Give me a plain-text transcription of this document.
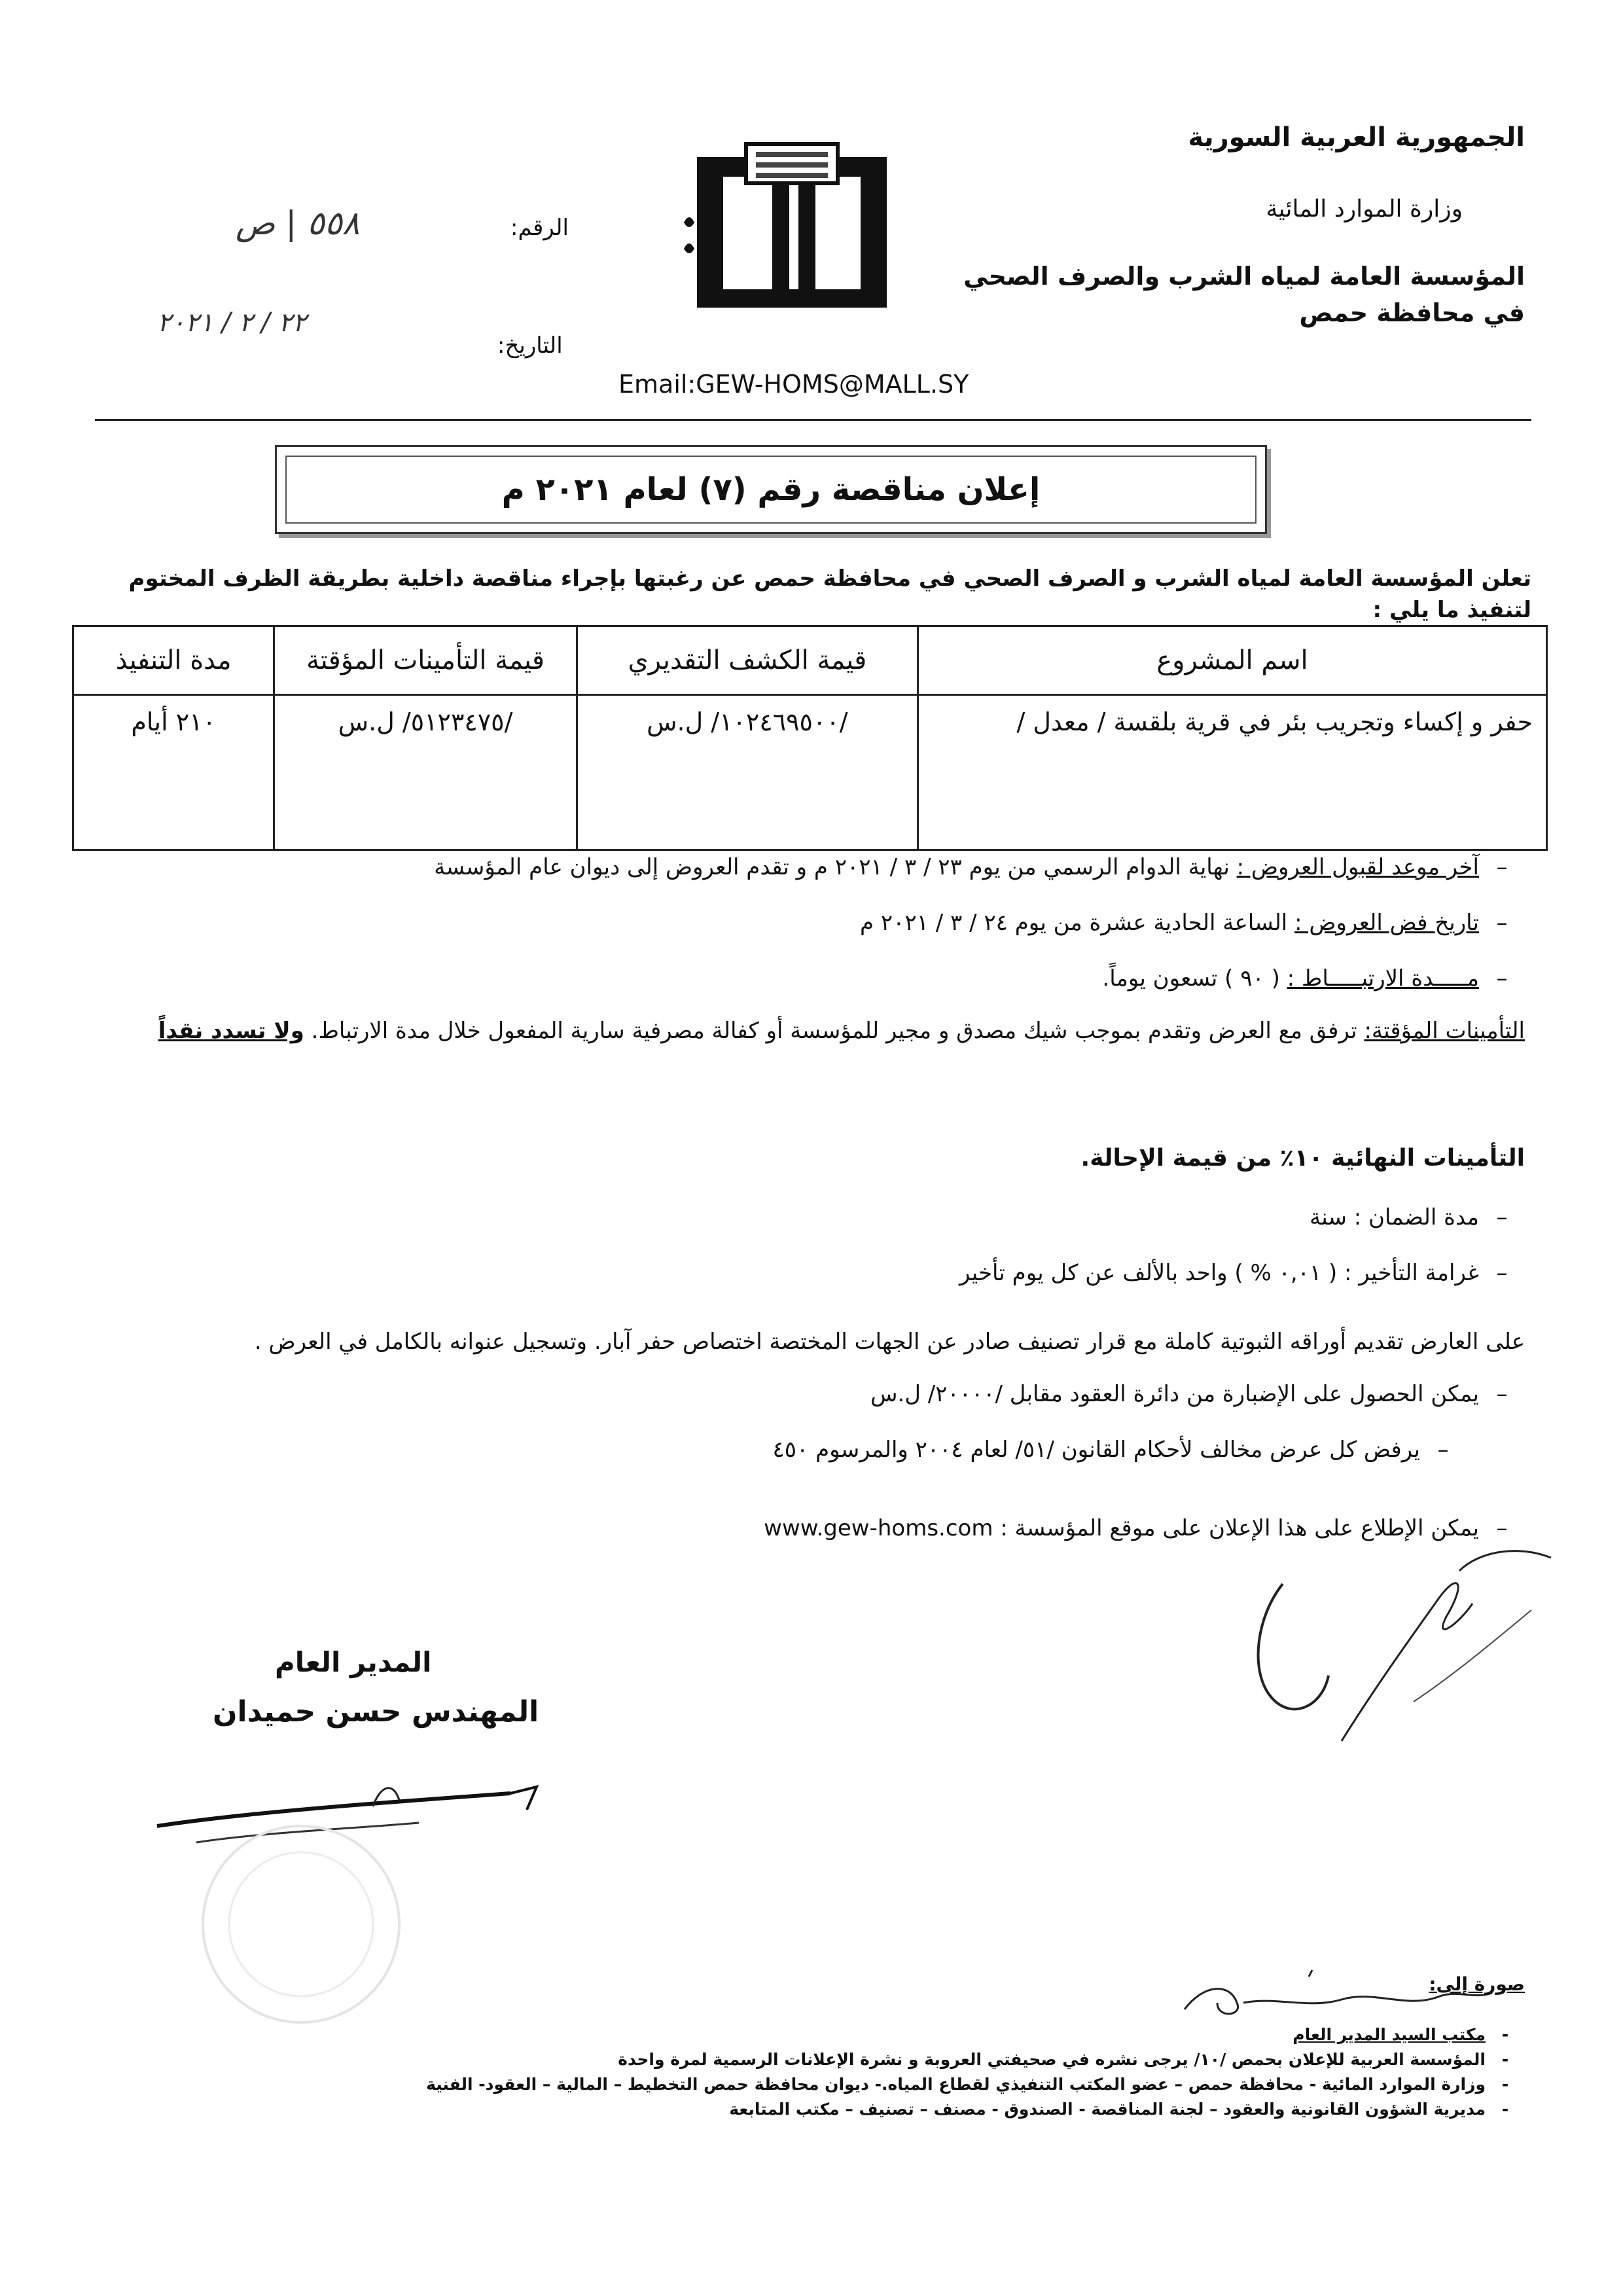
الجمهورية العربية السورية
وزارة الموارد المائية
المؤسسة العامة لمياه الشرب والصرف الصحي
في محافظة حمص
الرقم:
٥٥٨ | ص
التاريخ:
٢٢ / ٢ / ٢٠٢١
Email:GEW-HOMS@MALL.SY
إعلان مناقصة رقم (٧) لعام ٢٠٢١ م
تعلن المؤسسة العامة لمياه الشرب و الصرف الصحي في محافظة حمص عن رغبتها بإجراء مناقصة داخلية بطريقة الظرف المختوم لتنفيذ ما يلي :
اسم المشروع	قيمة الكشف التقديري	قيمة التأمينات المؤقتة	مدة التنفيذ
حفر و إكساء وتجريب بئر في قرية بلقسة / معدل /	/١٠٢٤٦٩٥٠٠/ ل.س	/٥١٢٣٤٧٥/ ل.س	٢١٠ أيام
–آخر موعد لقبول العروض : نهاية الدوام الرسمي من يوم ٢٣ / ٣ / ٢٠٢١ م و تقدم العروض إلى ديوان عام المؤسسة
–تاريخ فض العروض : الساعة الحادية عشرة من يوم ٢٤ / ٣ / ٢٠٢١ م
–مـــــدة الارتبـــــاط : ( ٩٠ ) تسعون يوماً.
التأمينات المؤقتة: ترفق مع العرض وتقدم بموجب شيك مصدق و مجير للمؤسسة أو كفالة مصرفية سارية المفعول خلال مدة الارتباط. ولا تسدد نقداً
التأمينات النهائية ١٠٪ من قيمة الإحالة.
–مدة الضمان : سنة
–غرامة التأخير : ( ٠,٠١ % ) واحد بالألف عن كل يوم تأخير
على العارض تقديم أوراقه الثبوتية كاملة مع قرار تصنيف صادر عن الجهات المختصة اختصاص حفر آبار. وتسجيل عنوانه بالكامل في العرض .
–يمكن الحصول على الإضبارة من دائرة العقود مقابل /٢٠٠٠٠/ ل.س
–يرفض كل عرض مخالف لأحكام القانون /٥١/ لعام ٢٠٠٤ والمرسوم ٤٥٠
–يمكن الإطلاع على هذا الإعلان على موقع المؤسسة : www.gew-homs.com
المدير العام
المهندس حسن حميدان
صورة إلى:
-مكتب السيد المدير العام
-المؤسسة العربية للإعلان بحمص /١٠/ يرجى نشره في صحيفتي العروبة و نشرة الإعلانات الرسمية لمرة واحدة
-وزارة الموارد المائية - محافظة حمص – عضو المكتب التنفيذي لقطاع المياه.- ديوان محافظة حمص التخطيط – المالية – العقود- الفنية
-مديرية الشؤون القانونية والعقود – لجنة المناقصة - الصندوق - مصنف – تصنيف – مكتب المتابعة
